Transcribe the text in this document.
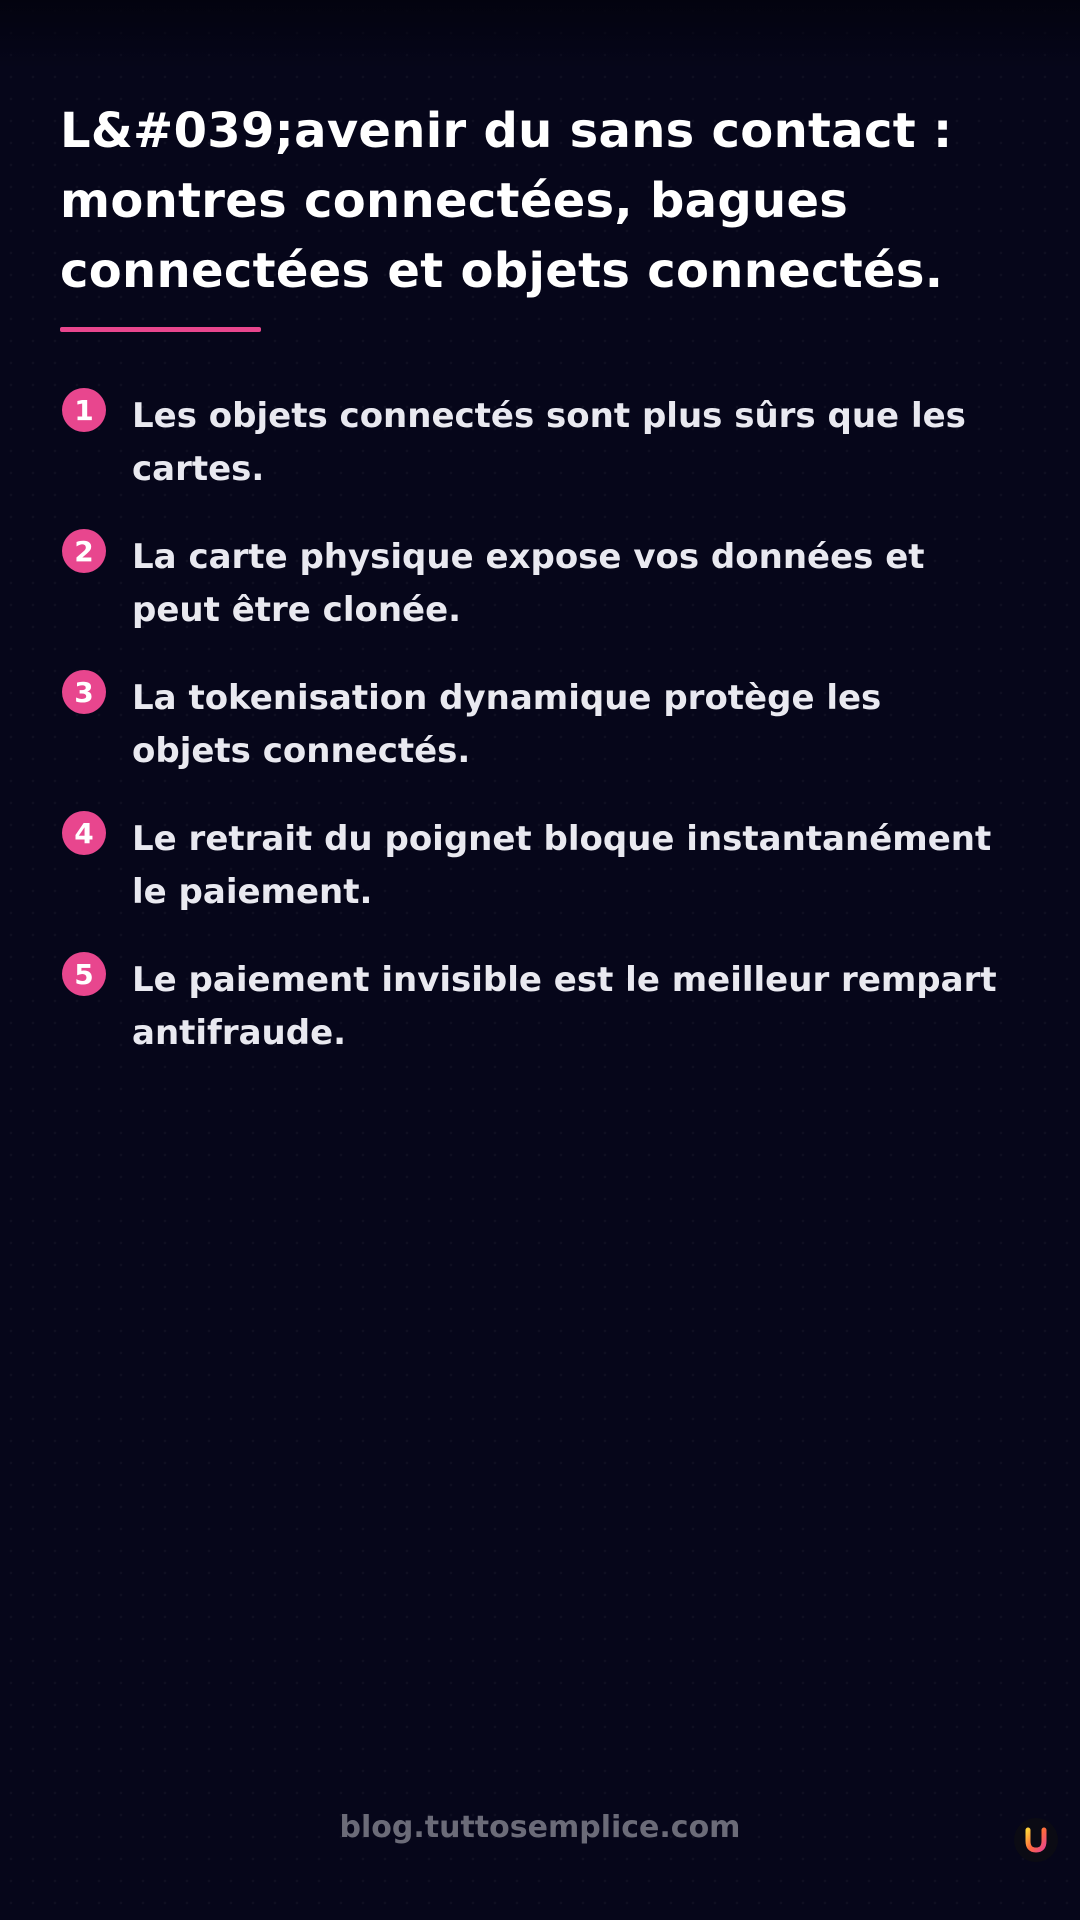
L&#039;avenir du sans contact :
montres connectées, bagues
connectées et objets connectés.
1	Les objets connectés sont plus sûrs que les
cartes.
2	La carte physique expose vos données et
peut être clonée.
3	La tokenisation dynamique protège les
objets connectés.
4	Le retrait du poignet bloque instantanément
le paiement.
5	Le paiement invisible est le meilleur rempart
antifraude.
blog.tuttosemplice.com
